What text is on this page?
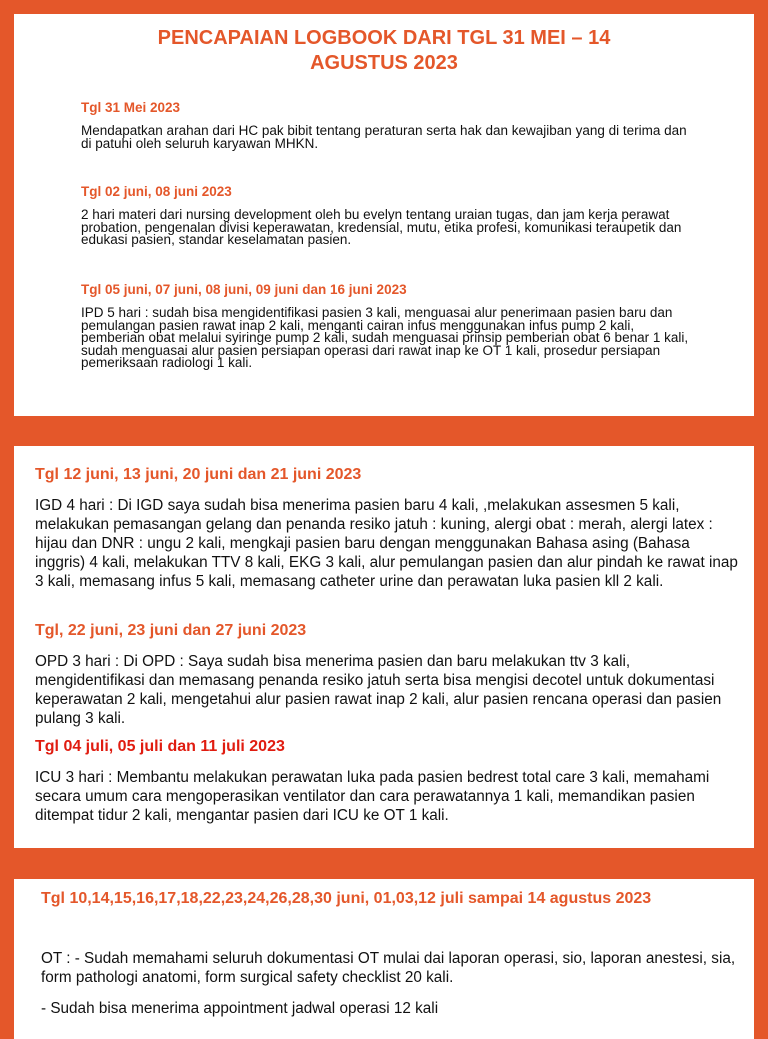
PENCAPAIAN LOGBOOK DARI TGL 31 MEI – 14 AGUSTUS 2023
Tgl 31 Mei 2023
Mendapatkan arahan dari HC pak bibit tentang peraturan serta hak dan kewajiban yang di terima dan di patuhi oleh seluruh karyawan MHKN.
Tgl 02 juni, 08 juni 2023
2 hari materi dari nursing development oleh bu evelyn tentang uraian tugas, dan jam kerja perawat probation, pengenalan divisi keperawatan, kredensial, mutu, etika profesi, komunikasi teraupetik dan edukasi pasien, standar keselamatan pasien.
Tgl 05 juni, 07 juni, 08 juni, 09 juni dan 16 juni 2023
IPD 5 hari : sudah bisa mengidentifikasi pasien 3 kali, menguasai alur penerimaan pasien baru dan pemulangan pasien rawat inap 2 kali, menganti cairan infus menggunakan infus pump 2 kali, pemberian obat melalui syiringe pump 2 kali, sudah menguasai prinsip pemberian obat 6 benar 1 kali, sudah menguasai alur pasien persiapan operasi dari rawat inap ke OT 1 kali, prosedur persiapan pemeriksaan radiologi 1 kali.
Tgl 12 juni, 13 juni, 20 juni dan 21 juni 2023
IGD 4 hari : Di IGD saya sudah bisa menerima pasien baru 4 kali, ,melakukan assesmen 5 kali, melakukan pemasangan gelang dan penanda resiko jatuh : kuning, alergi obat : merah, alergi latex : hijau dan DNR : ungu 2 kali, mengkaji pasien baru dengan menggunakan Bahasa asing (Bahasa inggris) 4 kali, melakukan TTV 8 kali, EKG 3 kali, alur pemulangan pasien dan alur pindah ke rawat inap 3 kali, memasang infus 5 kali, memasang catheter urine dan perawatan luka pasien kll 2 kali.
Tgl, 22 juni, 23 juni dan 27 juni 2023
OPD 3 hari : Di OPD : Saya sudah bisa menerima pasien dan baru melakukan ttv 3 kali, mengidentifikasi dan memasang penanda resiko jatuh serta bisa mengisi decotel untuk dokumentasi keperawatan 2 kali, mengetahui alur pasien rawat inap 2 kali, alur pasien rencana operasi dan pasien pulang 3 kali.
Tgl 04 juli, 05 juli dan 11 juli 2023
ICU 3 hari : Membantu melakukan perawatan luka pada pasien bedrest total care 3 kali, memahami secara umum cara mengoperasikan ventilator dan cara perawatannya 1 kali, memandikan pasien ditempat tidur 2 kali, mengantar pasien dari ICU ke OT 1 kali.
Tgl 10,14,15,16,17,18,22,23,24,26,28,30 juni, 01,03,12 juli sampai 14 agustus 2023
OT : - Sudah memahami seluruh dokumentasi OT mulai dai laporan operasi, sio, laporan anestesi, sia, form pathologi anatomi, form surgical safety checklist 20 kali.
- Sudah bisa menerima appointment jadwal operasi 12 kali
